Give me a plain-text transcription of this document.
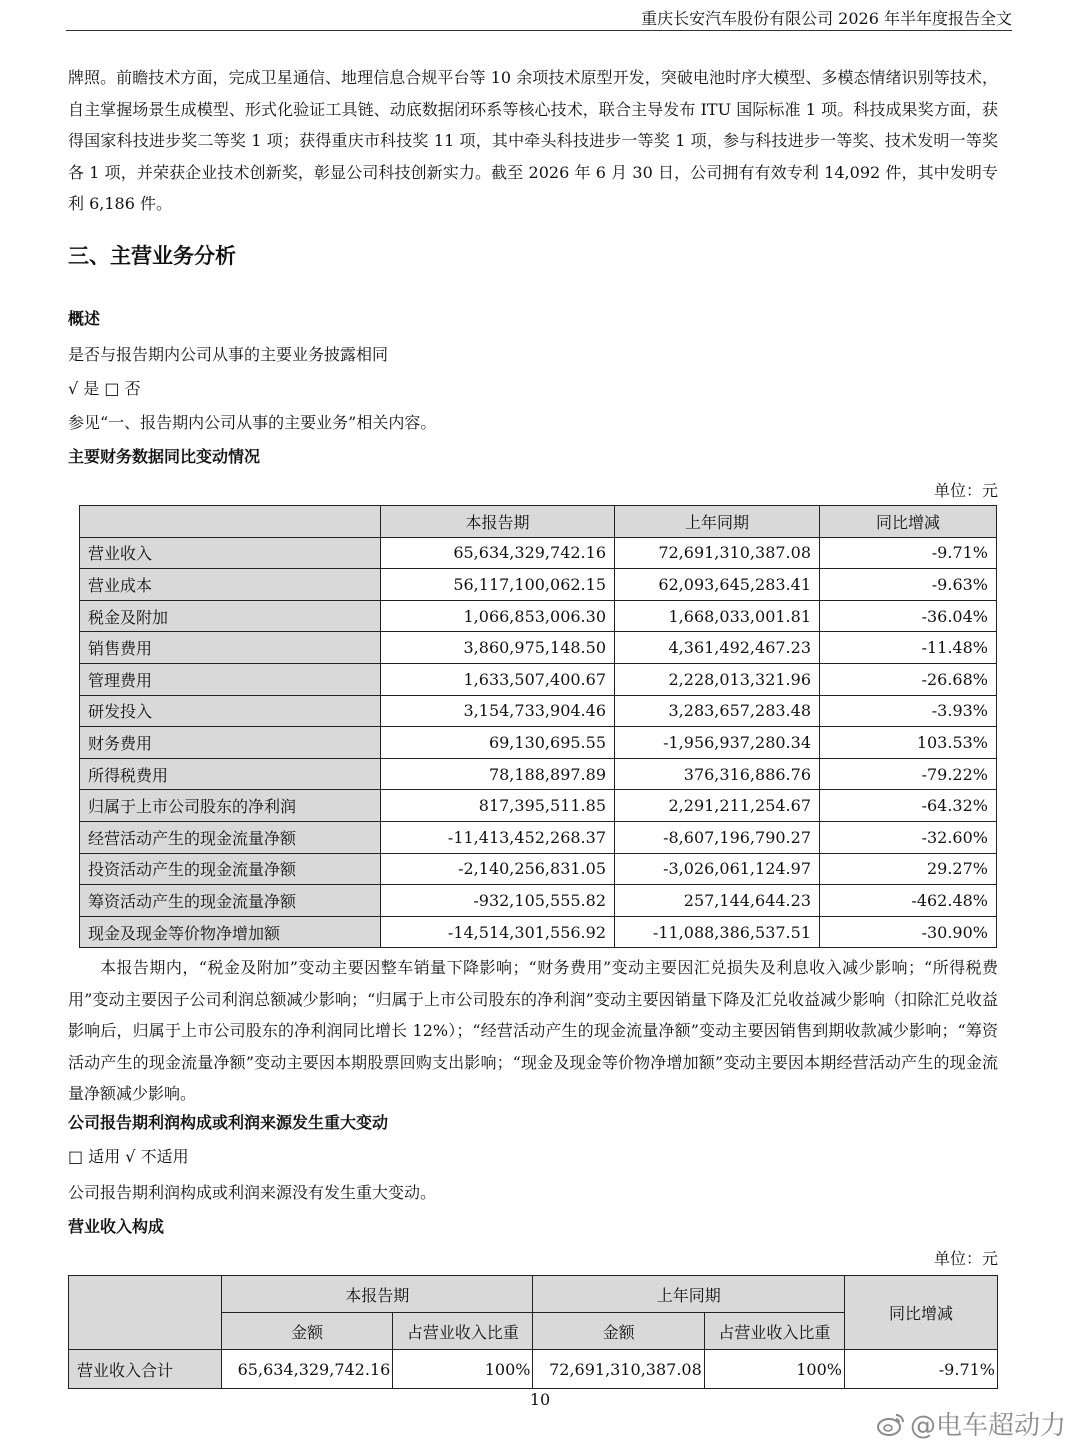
重庆长安汽车股份有限公司 2026 年半年度报告全文
牌照。前瞻技术方面，完成卫星通信、地理信息合规平台等 10 余项技术原型开发，突破电池时序大模型、多模态情绪识别等技术，自主掌握场景生成模型、形式化验证工具链、动底数据闭环系等核心技术，联合主导发布 ITU 国际标准 1 项。科技成果奖方面，获得国家科技进步奖二等奖 1 项；获得重庆市科技奖 11 项，其中牵头科技进步一等奖 1 项，参与科技进步一等奖、技术发明一等奖各 1 项，并荣获企业技术创新奖，彰显公司科技创新实力。截至 2026 年 6 月 30 日，公司拥有有效专利 14,092 件，其中发明专利 6,186 件。
三、主营业务分析
概述
是否与报告期内公司从事的主要业务披露相同
√ 是 □ 否
参见“一、报告期内公司从事的主要业务”相关内容。
主要财务数据同比变动情况
单位：元
	本报告期	上年同期	同比增减
营业收入	65,634,329,742.16	72,691,310,387.08	-9.71%
营业成本	56,117,100,062.15	62,093,645,283.41	-9.63%
税金及附加	1,066,853,006.30	1,668,033,001.81	-36.04%
销售费用	3,860,975,148.50	4,361,492,467.23	-11.48%
管理费用	1,633,507,400.67	2,228,013,321.96	-26.68%
研发投入	3,154,733,904.46	3,283,657,283.48	-3.93%
财务费用	69,130,695.55	-1,956,937,280.34	103.53%
所得税费用	78,188,897.89	376,316,886.76	-79.22%
归属于上市公司股东的净利润	817,395,511.85	2,291,211,254.67	-64.32%
经营活动产生的现金流量净额	-11,413,452,268.37	-8,607,196,790.27	-32.60%
投资活动产生的现金流量净额	-2,140,256,831.05	-3,026,061,124.97	29.27%
筹资活动产生的现金流量净额	-932,105,555.82	257,144,644.23	-462.48%
现金及现金等价物净增加额	-14,514,301,556.92	-11,088,386,537.51	-30.90%
本报告期内，“税金及附加”变动主要因整车销量下降影响；“财务费用”变动主要因汇兑损失及利息收入减少影响；“所得税费用”变动主要因子公司利润总额减少影响；“归属于上市公司股东的净利润”变动主要因销量下降及汇兑收益减少影响（扣除汇兑收益影响后，归属于上市公司股东的净利润同比增长 12%）；“经营活动产生的现金流量净额”变动主要因销售到期收款减少影响；“筹资活动产生的现金流量净额”变动主要因本期股票回购支出影响；“现金及现金等价物净增加额”变动主要因本期经营活动产生的现金流量净额减少影响。
公司报告期利润构成或利润来源发生重大变动
□ 适用 √ 不适用
公司报告期利润构成或利润来源没有发生重大变动。
营业收入构成
单位：元
	本报告期		上年同期		同比增减
	金额	占营业收入比重	金额	占营业收入比重	
营业收入合计	65,634,329,742.16	100%	72,691,310,387.08	100%	-9.71%
10
@电车超动力
